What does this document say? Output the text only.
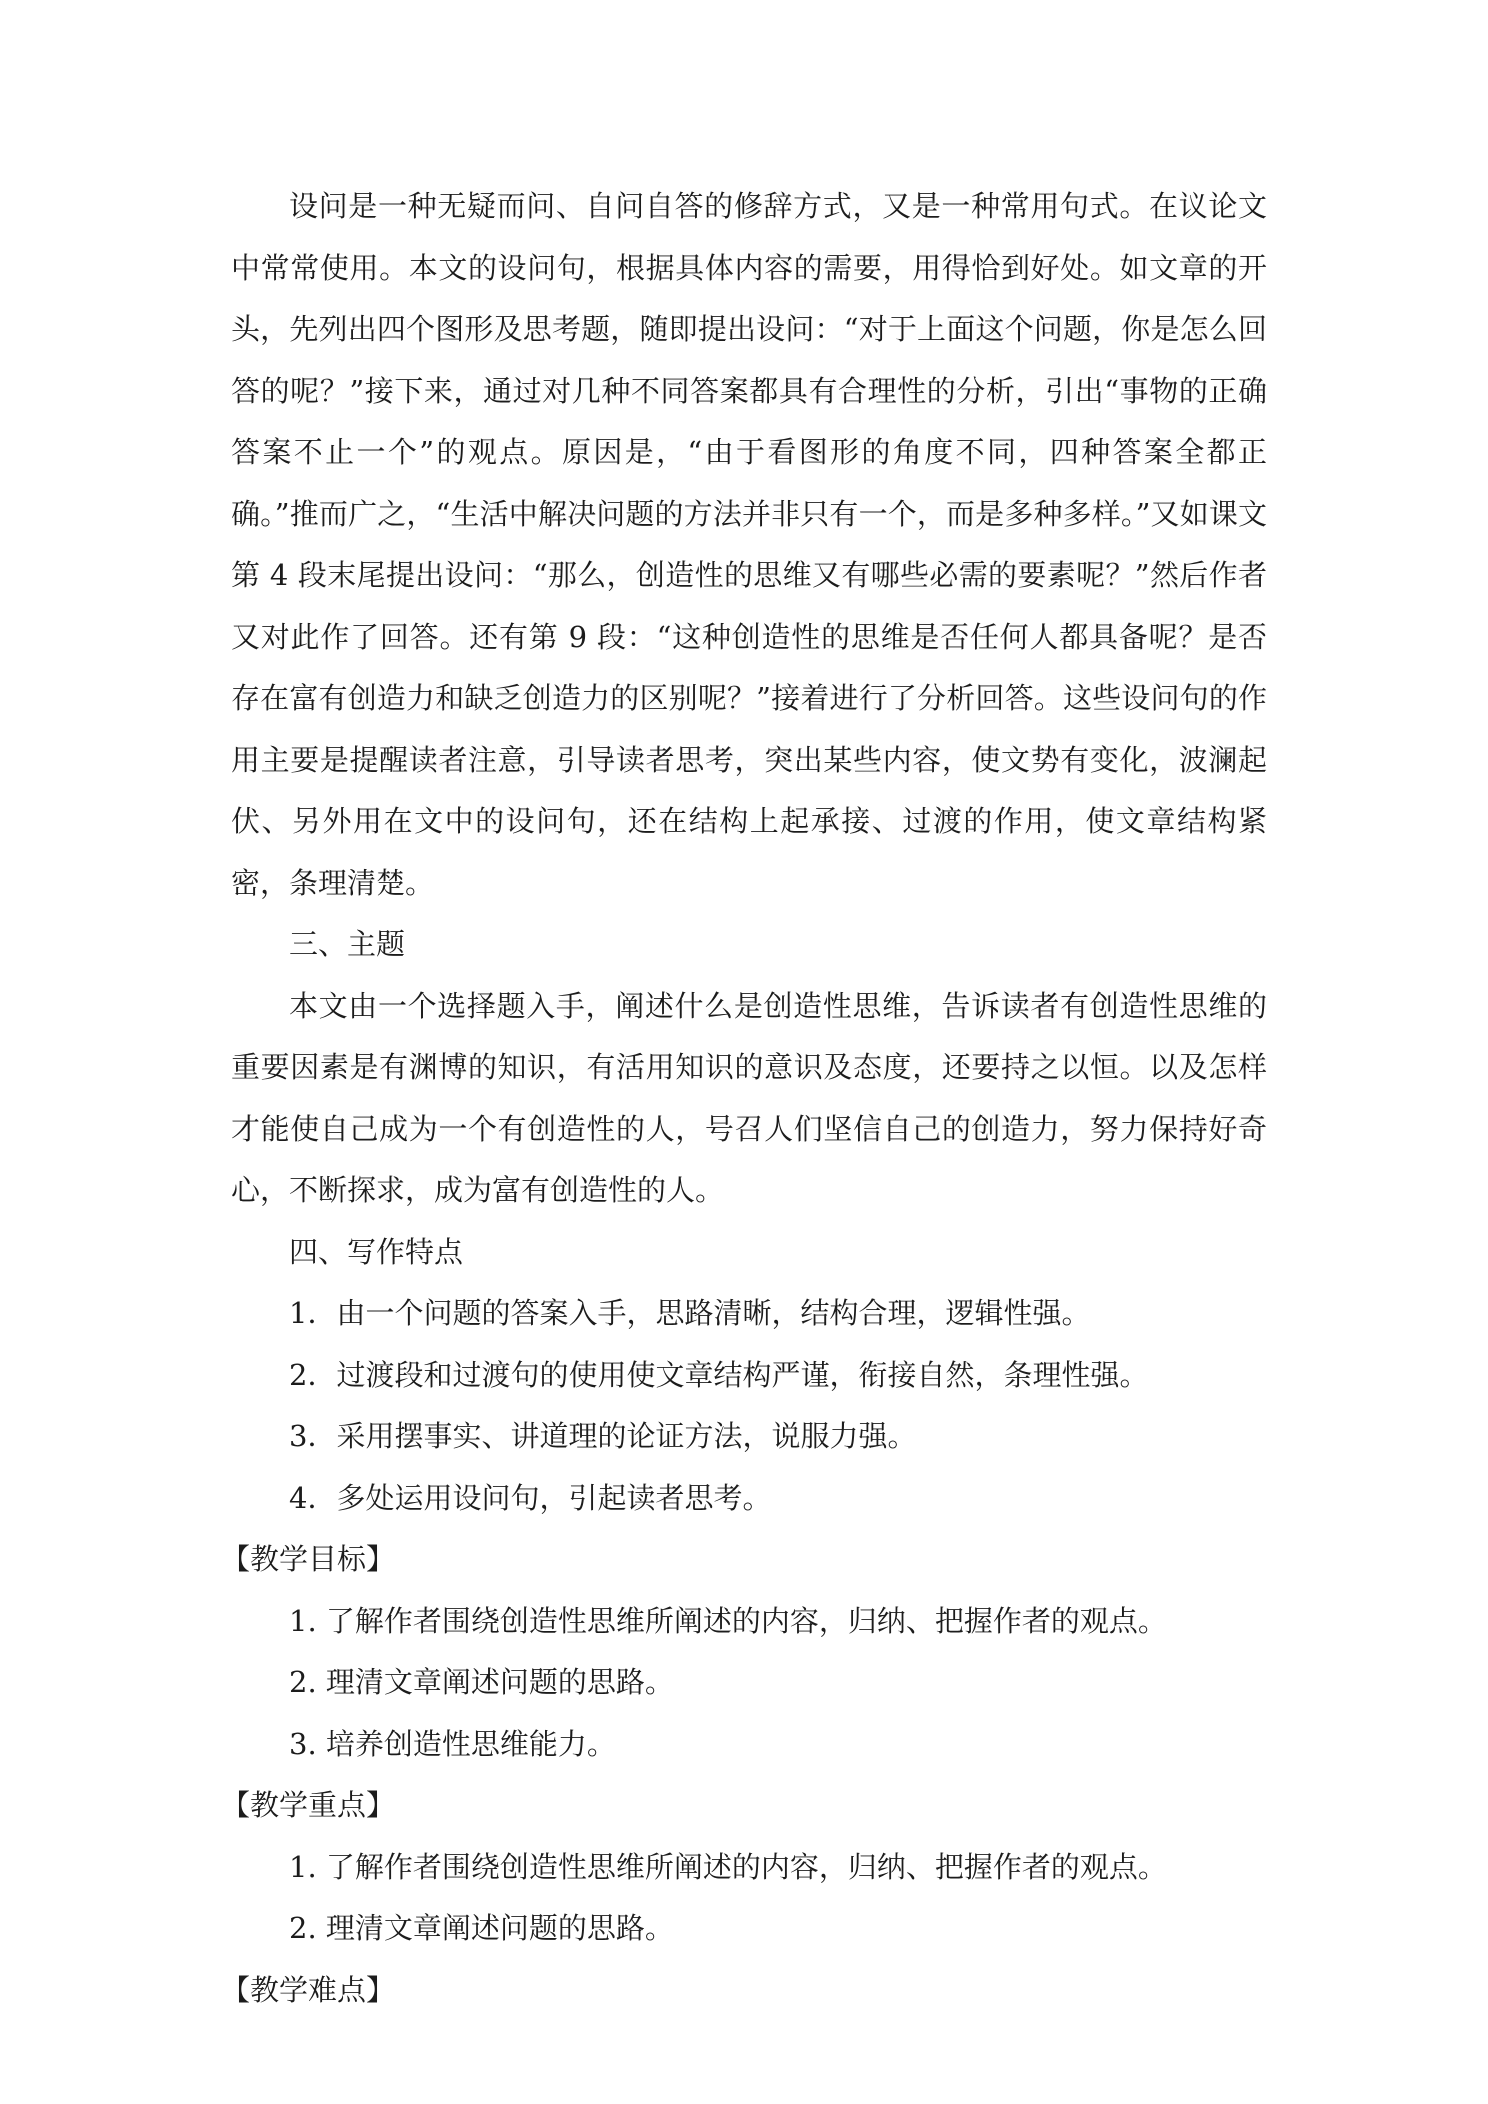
设问是一种无疑而问、自问自答的修辞方式，又是一种常用句式。在议论文中常常使用。本文的设问句，根据具体内容的需要，用得恰到好处。如文章的开头，先列出四个图形及思考题，随即提出设问：“对于上面这个问题，你是怎么回答的呢？”接下来，通过对几种不同答案都具有合理性的分析，引出“事物的正确答案不止一个”的观点。原因是，“由于看图形的角度不同，四种答案全都正确。”推而广之，“生活中解决问题的方法并非只有一个，而是多种多样。”又如课文第 4 段末尾提出设问：“那么，创造性的思维又有哪些必需的要素呢？”然后作者又对此作了回答。还有第 9 段：“这种创造性的思维是否任何人都具备呢？是否存在富有创造力和缺乏创造力的区别呢？”接着进行了分析回答。这些设问句的作用主要是提醒读者注意，引导读者思考，突出某些内容，使文势有变化，波澜起伏、另外用在文中的设问句，还在结构上起承接、过渡的作用，使文章结构紧密，条理清楚。

三、主题

本文由一个选择题入手，阐述什么是创造性思维，告诉读者有创造性思维的重要因素是有渊博的知识，有活用知识的意识及态度，还要持之以恒。以及怎样才能使自己成为一个有创造性的人，号召人们坚信自己的创造力，努力保持好奇心，不断探求，成为富有创造性的人。

四、写作特点

1．由一个问题的答案入手，思路清晰，结构合理，逻辑性强。

2．过渡段和过渡句的使用使文章结构严谨，衔接自然，条理性强。

3．采用摆事实、讲道理的论证方法，说服力强。

4．多处运用设问句，引起读者思考。

【教学目标】

1. 了解作者围绕创造性思维所阐述的内容，归纳、把握作者的观点。

2. 理清文章阐述问题的思路。

3. 培养创造性思维能力。

【教学重点】

1. 了解作者围绕创造性思维所阐述的内容，归纳、把握作者的观点。

2. 理清文章阐述问题的思路。

【教学难点】
